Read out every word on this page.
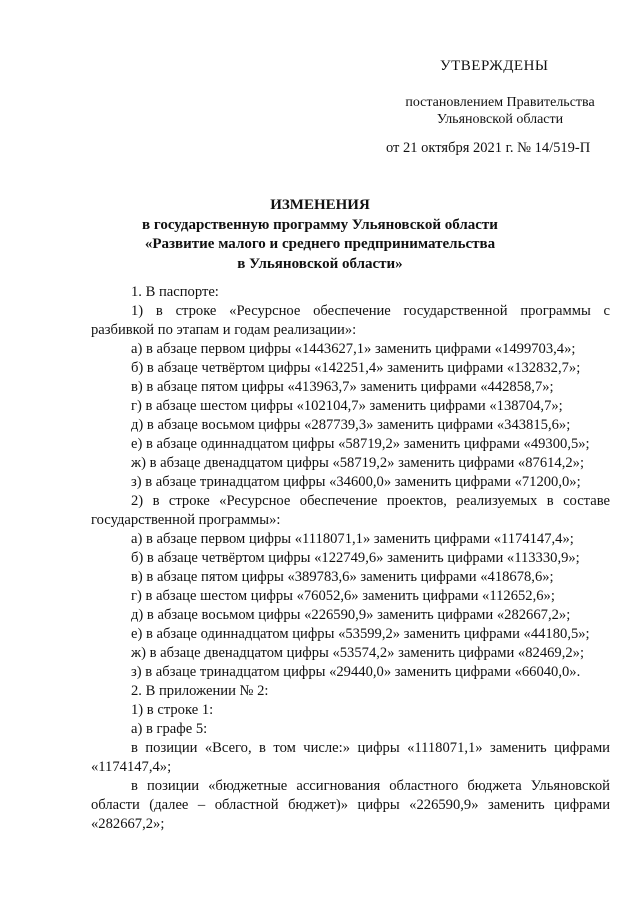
УТВЕРЖДЕНЫ
постановлением Правительства
Ульяновской области
от 21 октября 2021 г. № 14/519-П
ИЗМЕНЕНИЯ
в государственную программу Ульяновской области
«Развитие малого и среднего предпринимательства
в Ульяновской области»

1. В паспорте:

1) в строке «Ресурсное обеспечение государственной программы с разбивкой по этапам и годам реализации»:

а) в абзаце первом цифры «1443627,1» заменить цифрами «1499703,4»;

б) в абзаце четвёртом цифры «142251,4» заменить цифрами «132832,7»;

в) в абзаце пятом цифры «413963,7» заменить цифрами «442858,7»;

г) в абзаце шестом цифры «102104,7» заменить цифрами «138704,7»;

д) в абзаце восьмом цифры «287739,3» заменить цифрами «343815,6»;

е) в абзаце одиннадцатом цифры «58719,2» заменить цифрами «49300,5»;

ж) в абзаце двенадцатом цифры «58719,2» заменить цифрами «87614,2»;

з) в абзаце тринадцатом цифры «34600,0» заменить цифрами «71200,0»;

2) в строке «Ресурсное обеспечение проектов, реализуемых в составе государственной программы»:

а) в абзаце первом цифры «1118071,1» заменить цифрами «1174147,4»;

б) в абзаце четвёртом цифры «122749,6» заменить цифрами «113330,9»;

в) в абзаце пятом цифры «389783,6» заменить цифрами «418678,6»;

г) в абзаце шестом цифры «76052,6» заменить цифрами «112652,6»;

д) в абзаце восьмом цифры «226590,9» заменить цифрами «282667,2»;

е) в абзаце одиннадцатом цифры «53599,2» заменить цифрами «44180,5»;

ж) в абзаце двенадцатом цифры «53574,2» заменить цифрами «82469,2»;

з) в абзаце тринадцатом цифры «29440,0» заменить цифрами «66040,0».

2. В приложении № 2:

1) в строке 1:

а) в графе 5:

в позиции «Всего, в том числе:» цифры «1118071,1» заменить цифрами «1174147,4»;

в позиции «бюджетные ассигнования областного бюджета Ульяновской области (далее – областной бюджет)» цифры «226590,9» заменить цифрами «282667,2»;
